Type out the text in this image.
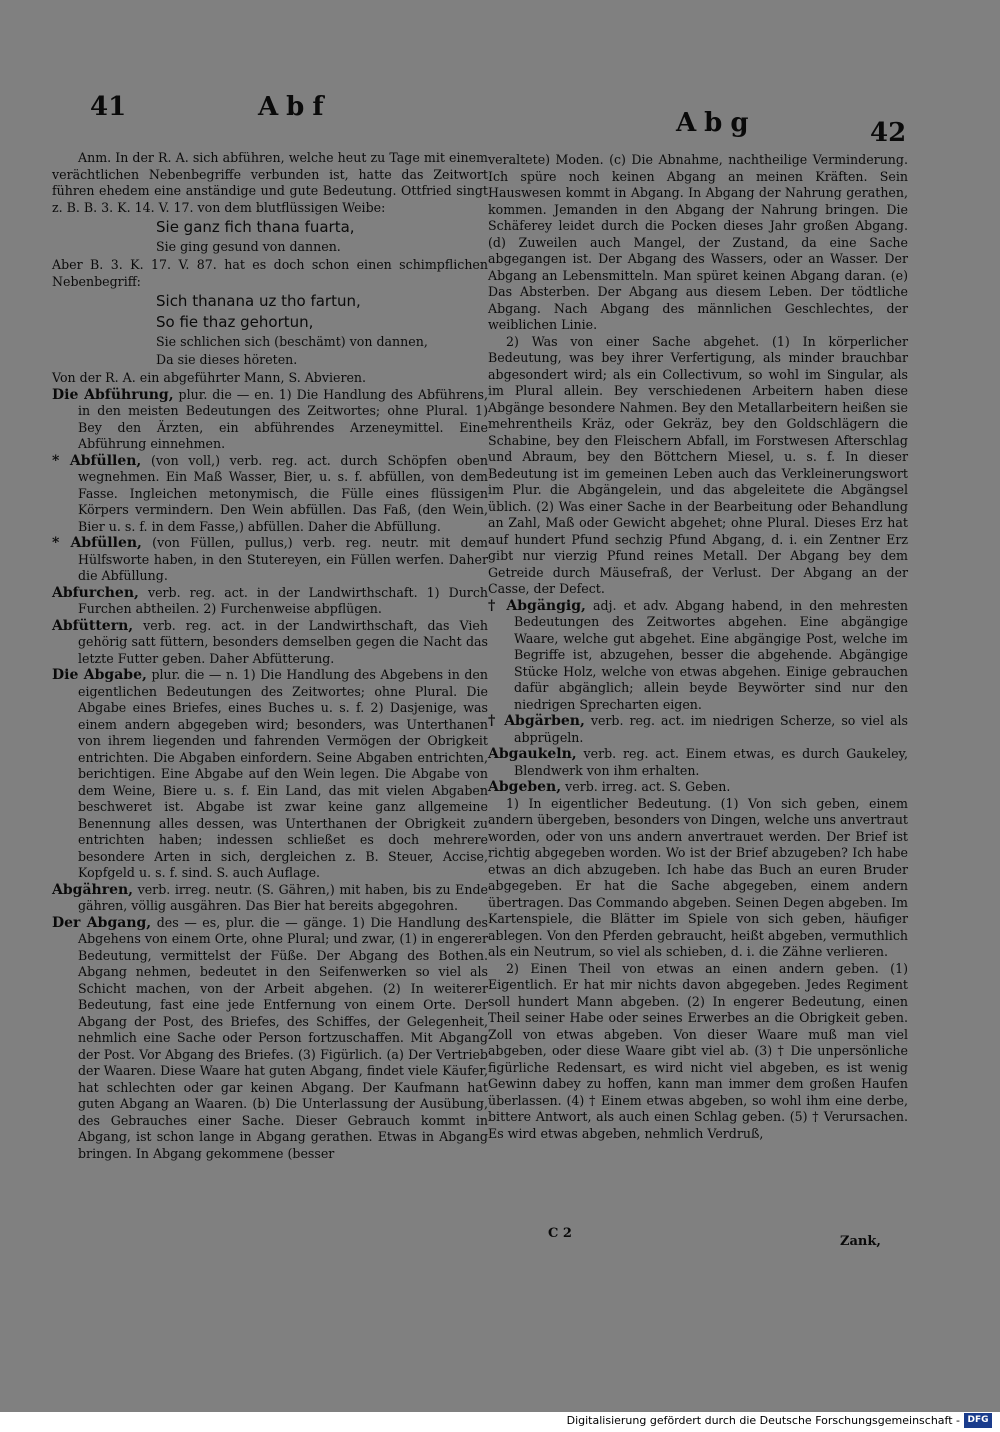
41	Abf
Abg	42

Anm. In der R. A. sich abführen, welche heut zu Tage mit einem verächtlichen Nebenbegriffe verbunden ist, hatte das Zeitwort führen ehedem eine anständige und gute Bedeutung. Ottfried singt z. B. B. 3. K. 14. V. 17. von dem blutflüssigen Weibe:

Sie ganz fich thana fuarta,
Sie ging gesund von dannen.

Aber B. 3. K. 17. V. 87. hat es doch schon einen schimpflichen Nebenbegriff:

Sich thanana uz tho fartun,
So fie thaz gehortun,
Sie schlichen sich (beschämt) von dannen,
Da sie dieses höreten.

Von der R. A. ein abgeführter Mann, S. Abvieren.

Die Abführung, plur. die — en. 1) Die Handlung des Abführens, in den meisten Bedeutungen des Zeitwortes; ohne Plural. 1) Bey den Ärzten, ein abführendes Arzeneymittel. Eine Abführung einnehmen.

* Abfüllen, (von voll,) verb. reg. act. durch Schöpfen oben wegnehmen. Ein Maß Wasser, Bier, u. s. f. abfüllen, von dem Fasse. Ingleichen metonymisch, die Fülle eines flüssigen Körpers vermindern. Den Wein abfüllen. Das Faß, (den Wein, Bier u. s. f. in dem Fasse,) abfüllen. Daher die Abfüllung.

* Abfüllen, (von Füllen, pullus,) verb. reg. neutr. mit dem Hülfsworte haben, in den Stutereyen, ein Füllen werfen. Daher die Abfüllung.

Abfurchen, verb. reg. act. in der Landwirthschaft. 1) Durch Furchen abtheilen. 2) Furchenweise abpflügen.

Abfüttern, verb. reg. act. in der Landwirthschaft, das Vieh gehörig satt füttern, besonders demselben gegen die Nacht das letzte Futter geben. Daher Abfütterung.

Die Abgabe, plur. die — n. 1) Die Handlung des Abgebens in den eigentlichen Bedeutungen des Zeitwortes; ohne Plural. Die Abgabe eines Briefes, eines Buches u. s. f. 2) Dasjenige, was einem andern abgegeben wird; besonders, was Unterthanen von ihrem liegenden und fahrenden Vermögen der Obrigkeit entrichten. Die Abgaben einfordern. Seine Abgaben entrichten, berichtigen. Eine Abgabe auf den Wein legen. Die Abgabe von dem Weine, Biere u. s. f. Ein Land, das mit vielen Abgaben beschweret ist. Abgabe ist zwar keine ganz allgemeine Benennung alles dessen, was Unterthanen der Obrigkeit zu entrichten haben; indessen schließet es doch mehrere besondere Arten in sich, dergleichen z. B. Steuer, Accise, Kopfgeld u. s. f. sind. S. auch Auflage.

Abgähren, verb. irreg. neutr. (S. Gähren,) mit haben, bis zu Ende gähren, völlig ausgähren. Das Bier hat bereits abgegohren.

Der Abgang, des — es, plur. die — gänge. 1) Die Handlung des Abgehens von einem Orte, ohne Plural; und zwar, (1) in engerer Bedeutung, vermittelst der Füße. Der Abgang des Bothen. Abgang nehmen, bedeutet in den Seifenwerken so viel als Schicht machen, von der Arbeit abgehen. (2) In weiterer Bedeutung, fast eine jede Entfernung von einem Orte. Der Abgang der Post, des Briefes, des Schiffes, der Gelegenheit, nehmlich eine Sache oder Person fortzuschaffen. Mit Abgang der Post. Vor Abgang des Briefes. (3) Figürlich. (a) Der Vertrieb der Waaren. Diese Waare hat guten Abgang, findet viele Käufer, hat schlechten oder gar keinen Abgang. Der Kaufmann hat guten Abgang an Waaren. (b) Die Unterlassung der Ausübung, des Gebrauches einer Sache. Dieser Gebrauch kommt in Abgang, ist schon lange in Abgang gerathen. Etwas in Abgang bringen. In Abgang gekommene (besser

veraltete) Moden. (c) Die Abnahme, nachtheilige Verminderung. Ich spüre noch keinen Abgang an meinen Kräften. Sein Hauswesen kommt in Abgang. In Abgang der Nahrung gerathen, kommen. Jemanden in den Abgang der Nahrung bringen. Die Schäferey leidet durch die Pocken dieses Jahr großen Abgang. (d) Zuweilen auch Mangel, der Zustand, da eine Sache abgegangen ist. Der Abgang des Wassers, oder an Wasser. Der Abgang an Lebensmitteln. Man spüret keinen Abgang daran. (e) Das Absterben. Der Abgang aus diesem Leben. Der tödtliche Abgang. Nach Abgang des männlichen Geschlechtes, der weiblichen Linie.

2) Was von einer Sache abgehet. (1) In körperlicher Bedeutung, was bey ihrer Verfertigung, als minder brauchbar abgesondert wird; als ein Collectivum, so wohl im Singular, als im Plural allein. Bey verschiedenen Arbeitern haben diese Abgänge besondere Nahmen. Bey den Metallarbeitern heißen sie mehrentheils Kräz, oder Gekräz, bey den Goldschlägern die Schabine, bey den Fleischern Abfall, im Forstwesen Afterschlag und Abraum, bey den Böttchern Miesel, u. s. f. In dieser Bedeutung ist im gemeinen Leben auch das Verkleinerungswort im Plur. die Abgängelein, und das abgeleitete die Abgängsel üblich. (2) Was einer Sache in der Bearbeitung oder Behandlung an Zahl, Maß oder Gewicht abgehet; ohne Plural. Dieses Erz hat auf hundert Pfund sechzig Pfund Abgang, d. i. ein Zentner Erz gibt nur vierzig Pfund reines Metall. Der Abgang bey dem Getreide durch Mäusefraß, der Verlust. Der Abgang an der Casse, der Defect.

† Abgängig, adj. et adv. Abgang habend, in den mehresten Bedeutungen des Zeitwortes abgehen. Eine abgängige Waare, welche gut abgehet. Eine abgängige Post, welche im Begriffe ist, abzugehen, besser die abgehende. Abgängige Stücke Holz, welche von etwas abgehen. Einige gebrauchen dafür abgänglich; allein beyde Beywörter sind nur den niedrigen Sprecharten eigen.

† Abgärben, verb. reg. act. im niedrigen Scherze, so viel als abprügeln.

Abgaukeln, verb. reg. act. Einem etwas, es durch Gaukeley, Blendwerk von ihm erhalten.

Abgeben, verb. irreg. act. S. Geben.

1) In eigentlicher Bedeutung. (1) Von sich geben, einem andern übergeben, besonders von Dingen, welche uns anvertraut worden, oder von uns andern anvertrauet werden. Der Brief ist richtig abgegeben worden. Wo ist der Brief abzugeben? Ich habe etwas an dich abzugeben. Ich habe das Buch an euren Bruder abgegeben. Er hat die Sache abgegeben, einem andern übertragen. Das Commando abgeben. Seinen Degen abgeben. Im Kartenspiele, die Blätter im Spiele von sich geben, häufiger ablegen. Von den Pferden gebraucht, heißt abgeben, vermuthlich als ein Neutrum, so viel als schieben, d. i. die Zähne verlieren.

2) Einen Theil von etwas an einen andern geben. (1) Eigentlich. Er hat mir nichts davon abgegeben. Jedes Regiment soll hundert Mann abgeben. (2) In engerer Bedeutung, einen Theil seiner Habe oder seines Erwerbes an die Obrigkeit geben. Zoll von etwas abgeben. Von dieser Waare muß man viel abgeben, oder diese Waare gibt viel ab. (3) † Die unpersönliche figürliche Redensart, es wird nicht viel abgeben, es ist wenig Gewinn dabey zu hoffen, kann man immer dem großen Haufen überlassen. (4) † Einem etwas abgeben, so wohl ihm eine derbe, bittere Antwort, als auch einen Schlag geben. (5) † Verursachen. Es wird etwas abgeben, nehmlich Verdruß,

C 2
Zank,
Digitalisierung gefördert durch die Deutsche Forschungsgemeinschaft - DFG
